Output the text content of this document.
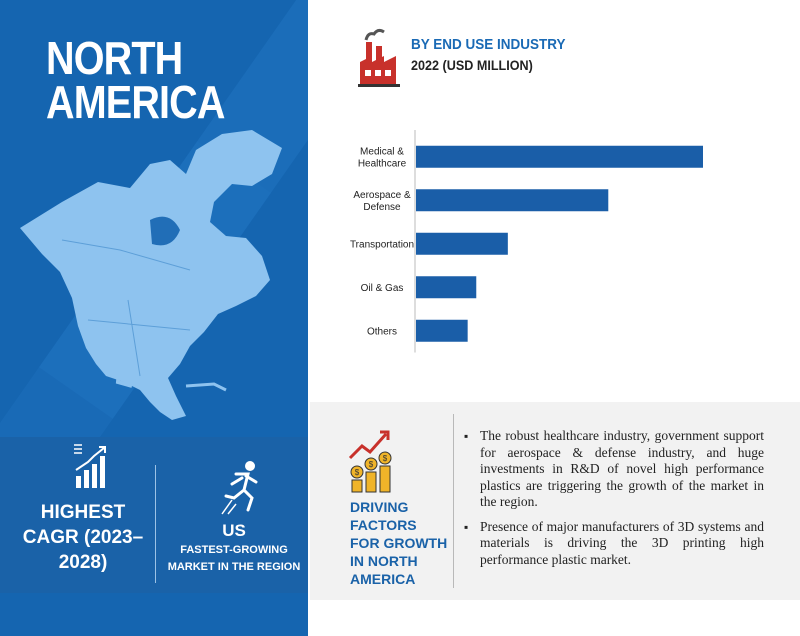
NORTH
AMERICA
HIGHEST
CAGR (2023–
2028)
US
FASTEST-GROWING
MARKET IN THE REGION
BY END USE INDUSTRY
2022 (USD MILLION)
Medical & Healthcare
Aerospace & Defense
Transportation
Oil & Gas
Others
$
$
$
DRIVING
FACTORS
FOR GROWTH
IN NORTH
AMERICA
▪ The robust healthcare industry, government support for aerospace & defense industry, and huge investments in R&D of novel high performance plastics are triggering the growth of the market in the region.
▪ Presence of major manufacturers of 3D systems and materials is driving the 3D printing high performance plastic market.
